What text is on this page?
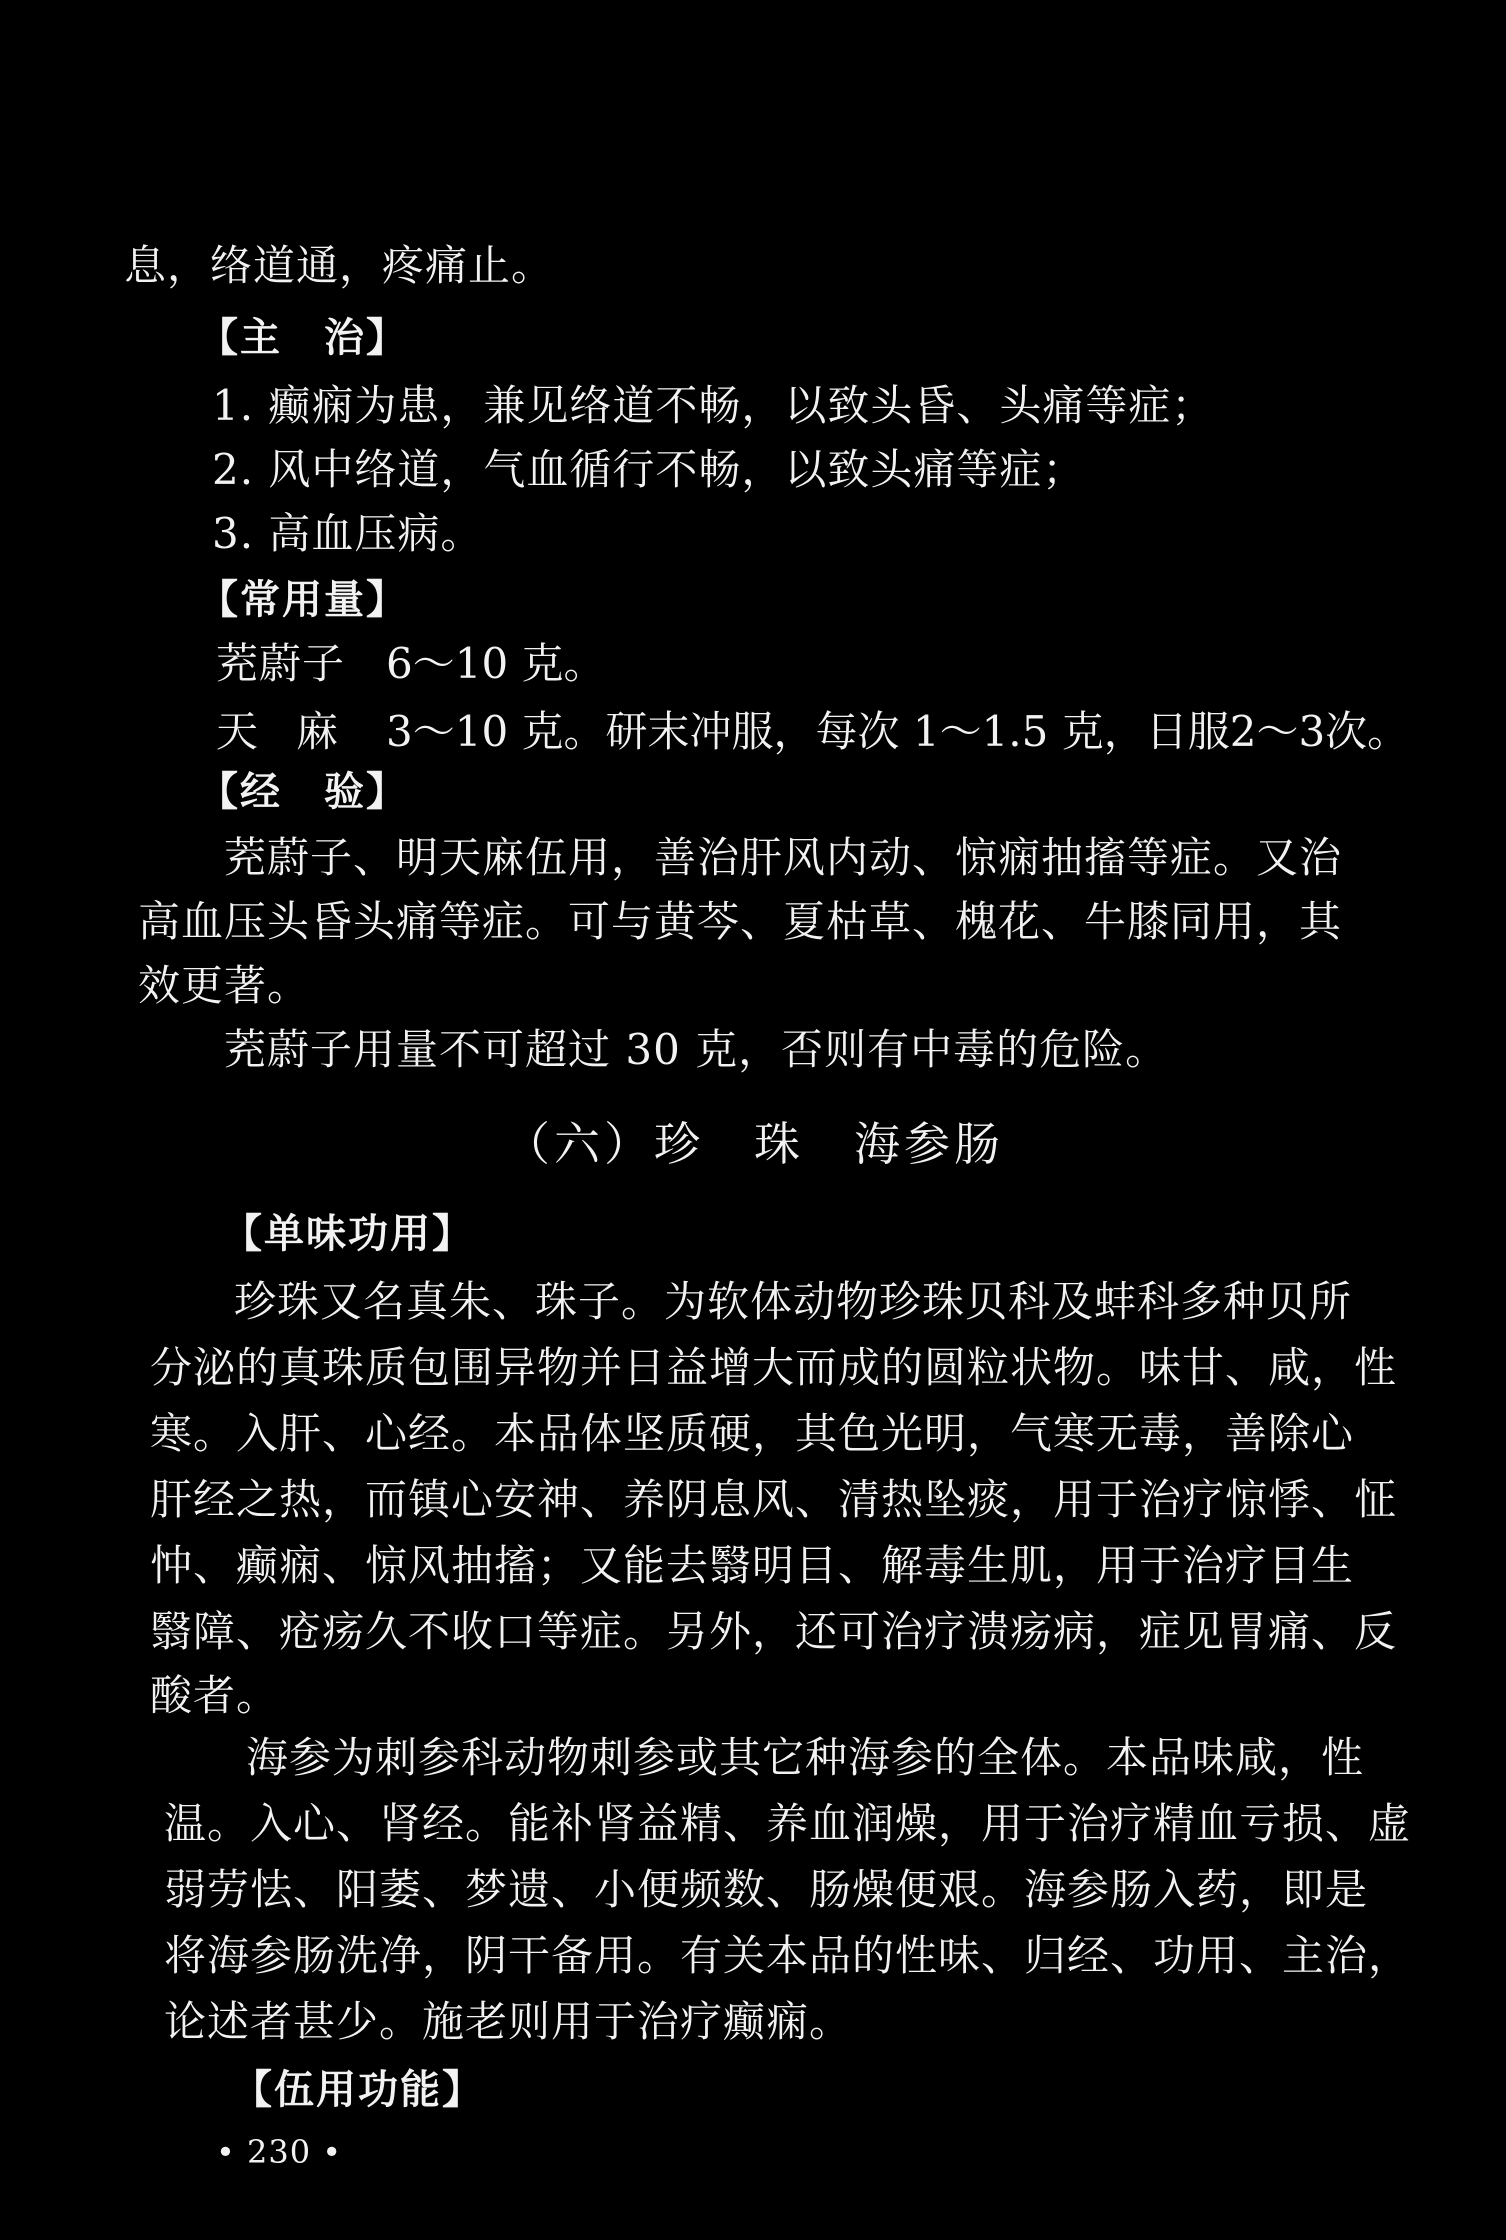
息，络道通，疼痛止。
【主　治】
1. 癫痫为患，兼见络道不畅，以致头昏、头痛等症；
2. 风中络道，气血循行不畅，以致头痛等症；
3. 高血压病。
【常用量】
茺蔚子 6～10 克。
天麻 3～10 克。研末冲服，每次 1～1.5 克，日服2～3次。
【经　验】
茺蔚子、明天麻伍用，善治肝风内动、惊痫抽搐等症。又治
高血压头昏头痛等症。可与黄芩、夏枯草、槐花、牛膝同用，其
效更著。
茺蔚子用量不可超过 30 克，否则有中毒的危险。
（六）珍　珠　海参肠
【单味功用】
珍珠又名真朱、珠子。为软体动物珍珠贝科及蚌科多种贝所
分泌的真珠质包围异物并日益增大而成的圆粒状物。味甘、咸，性
寒。入肝、心经。本品体坚质硬，其色光明，气寒无毒，善除心
肝经之热，而镇心安神、养阴息风、清热坠痰，用于治疗惊悸、怔
忡、癫痫、惊风抽搐；又能去翳明目、解毒生肌，用于治疗目生
翳障、疮疡久不收口等症。另外，还可治疗溃疡病，症见胃痛、反
酸者。
海参为刺参科动物刺参或其它种海参的全体。本品味咸，性
温。入心、肾经。能补肾益精、养血润燥，用于治疗精血亏损、虚
弱劳怯、阳萎、梦遗、小便频数、肠燥便艰。海参肠入药，即是
将海参肠洗净，阴干备用。有关本品的性味、归经、功用、主治，
论述者甚少。施老则用于治疗癫痫。
【伍用功能】
• 230 •
